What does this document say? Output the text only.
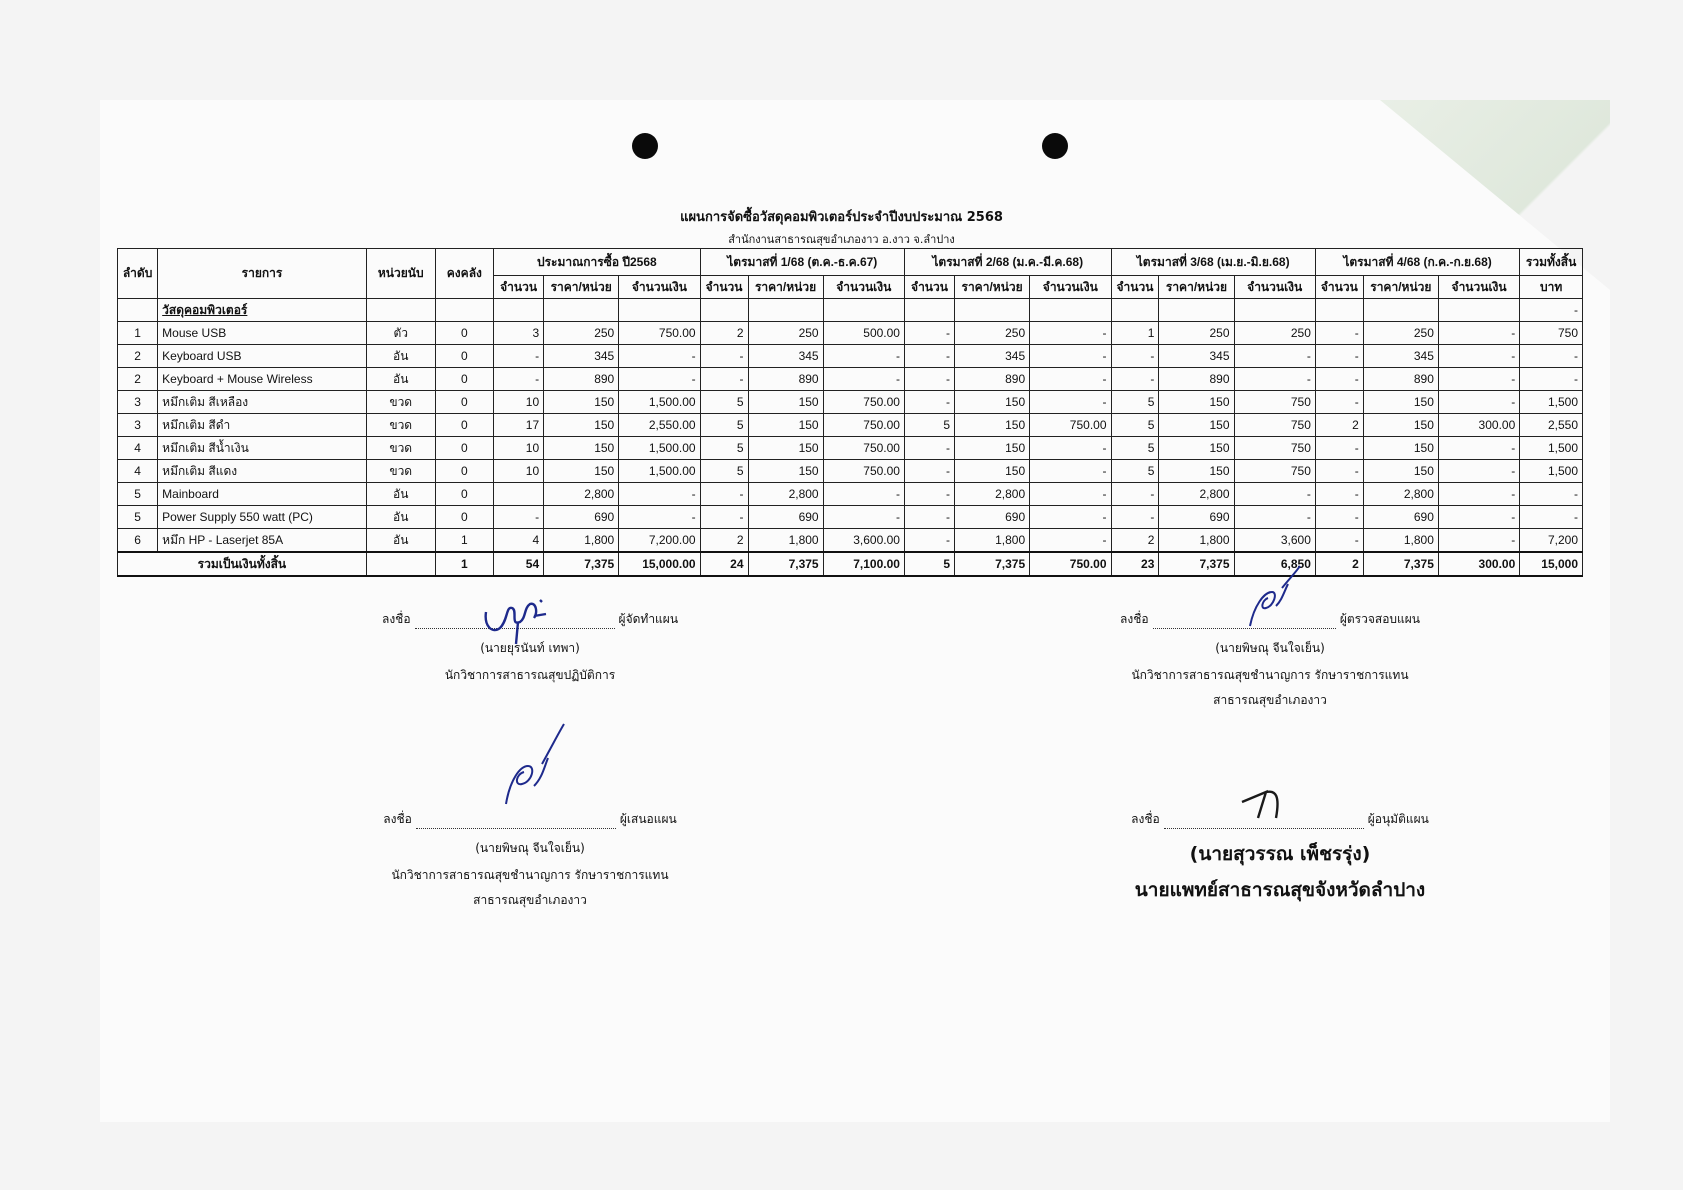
แผนการจัดซื้อวัสดุคอมพิวเตอร์ประจำปีงบประมาณ 2568
สำนักงานสาธารณสุขอำเภองาว อ.งาว จ.ลำปาง
ลำดับ	รายการ	หน่วยนับ	คงคลัง	ประมาณการซื้อ ปี2568			ไตรมาสที่ 1/68 (ต.ค.-ธ.ค.67)			ไตรมาสที่ 2/68 (ม.ค.-มี.ค.68)			ไตรมาสที่ 3/68 (เม.ย.-มิ.ย.68)			ไตรมาสที่ 4/68 (ก.ค.-ก.ย.68)			รวมทั้งสิ้น
				จำนวน	ราคา/หน่วย	จำนวนเงิน	จำนวน	ราคา/หน่วย	จำนวนเงิน	จำนวน	ราคา/หน่วย	จำนวนเงิน	จำนวน	ราคา/หน่วย	จำนวนเงิน	จำนวน	ราคา/หน่วย	จำนวนเงิน	บาท
	วัสดุคอมพิวเตอร์																		-
1	Mouse USB	ตัว	0	3	250	750.00	2	250	500.00	-	250	-	1	250	250	-	250	-	750
2	Keyboard USB	อัน	0	-	345	-	-	345	-	-	345	-	-	345	-	-	345	-	-
2	Keyboard + Mouse Wireless	อัน	0	-	890	-	-	890	-	-	890	-	-	890	-	-	890	-	-
3	หมึกเติม สีเหลือง	ขวด	0	10	150	1,500.00	5	150	750.00	-	150	-	5	150	750	-	150	-	1,500
3	หมึกเติม สีดำ	ขวด	0	17	150	2,550.00	5	150	750.00	5	150	750.00	5	150	750	2	150	300.00	2,550
4	หมึกเติม สีน้ำเงิน	ขวด	0	10	150	1,500.00	5	150	750.00	-	150	-	5	150	750	-	150	-	1,500
4	หมึกเติม สีแดง	ขวด	0	10	150	1,500.00	5	150	750.00	-	150	-	5	150	750	-	150	-	1,500
5	Mainboard	อัน	0		2,800	-	-	2,800	-	-	2,800	-	-	2,800	-	-	2,800	-	-
5	Power Supply 550 watt (PC)	อัน	0	-	690	-	-	690	-	-	690	-	-	690	-	-	690	-	-
6	หมึก HP - Laserjet 85A	อัน	1	4	1,800	7,200.00	2	1,800	3,600.00	-	1,800	-	2	1,800	3,600	-	1,800	-	7,200
รวมเป็นเงินทั้งสิ้น			1	54	7,375	15,000.00	24	7,375	7,100.00	5	7,375	750.00	23	7,375	6,850	2	7,375	300.00	15,000
ลงชื่อ	ผู้จัดทำแผน
(นายยุรนันท์ เทพา)
นักวิชาการสาธารณสุขปฏิบัติการ
ลงชื่อ	ผู้ตรวจสอบแผน
(นายพิษณุ จีนใจเย็น)
นักวิชาการสาธารณสุขชำนาญการ รักษาราชการแทน
สาธารณสุขอำเภองาว
ลงชื่อ	ผู้เสนอแผน
(นายพิษณุ จีนใจเย็น)
นักวิชาการสาธารณสุขชำนาญการ รักษาราชการแทน
สาธารณสุขอำเภองาว
ลงชื่อ	ผู้อนุมัติแผน
(นายสุวรรณ เพ็ชรรุ่ง)
นายแพทย์สาธารณสุขจังหวัดลำปาง
